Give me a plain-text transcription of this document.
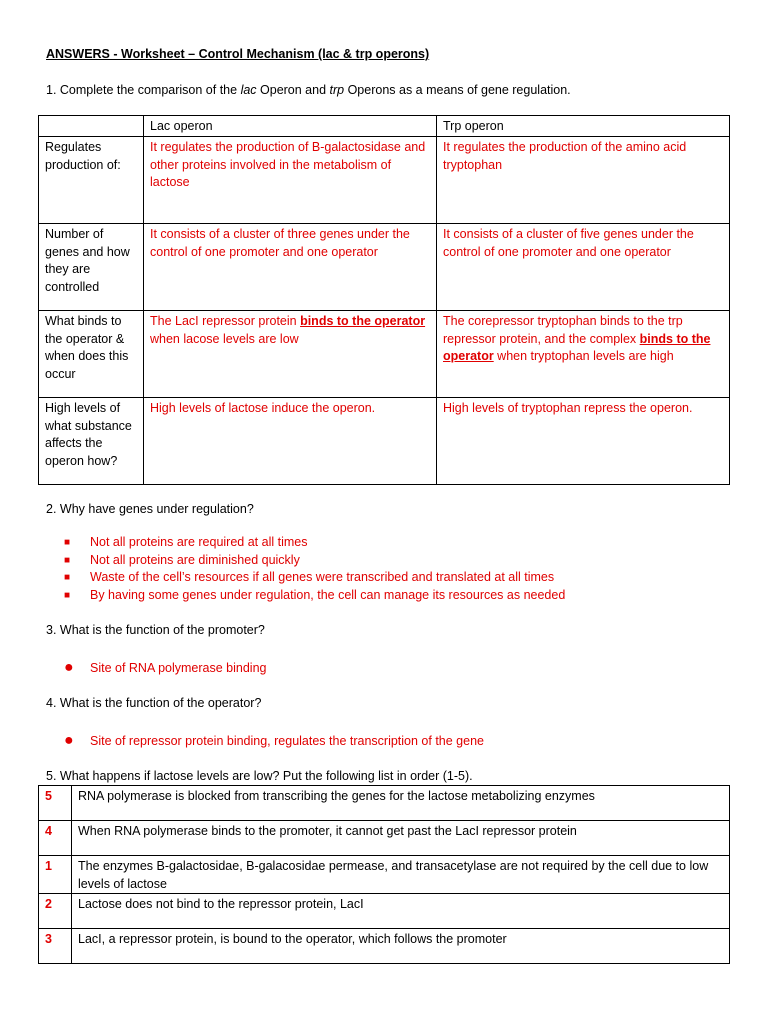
ANSWERS - Worksheet – Control Mechanism (lac & trp operons)
1. Complete the comparison of the lac Operon and trp Operons as a means of gene regulation.
	Lac operon	Trp operon
Regulates production of:	It regulates the production of B-galactosidase and other proteins involved in the metabolism of lactose	It regulates the production of the amino acid tryptophan
Number of genes and how they are controlled	It consists of a cluster of three genes under the control of one promoter and one operator	It consists of a cluster of five genes under the control of one promoter and one operator
What binds to the operator & when does this occur	The LacI repressor protein binds to the operator when lacose levels are low	The corepressor tryptophan binds to the trp repressor protein, and the complex binds to the operator when tryptophan levels are high
High levels of what substance affects the operon how?	High levels of lactose induce the operon.	High levels of tryptophan repress the operon.
2. Why have genes under regulation?
■ Not all proteins are required at all times
■ Not all proteins are diminished quickly
■ Waste of the cell’s resources if all genes were transcribed and translated at all times
■ By having some genes under regulation, the cell can manage its resources as needed
3. What is the function of the promoter?
● Site of RNA polymerase binding
4. What is the function of the operator?
● Site of repressor protein binding, regulates the transcription of the gene
5. What happens if lactose levels are low? Put the following list in order (1-5).
5	RNA polymerase is blocked from transcribing the genes for the lactose metabolizing enzymes
4	When RNA polymerase binds to the promoter, it cannot get past the LacI repressor protein
1	The enzymes B-galactosidae, B-galacosidae permease, and transacetylase are not required by the cell due to low levels of lactose
2	Lactose does not bind to the repressor protein, LacI
3	LacI, a repressor protein, is bound to the operator, which follows the promoter
